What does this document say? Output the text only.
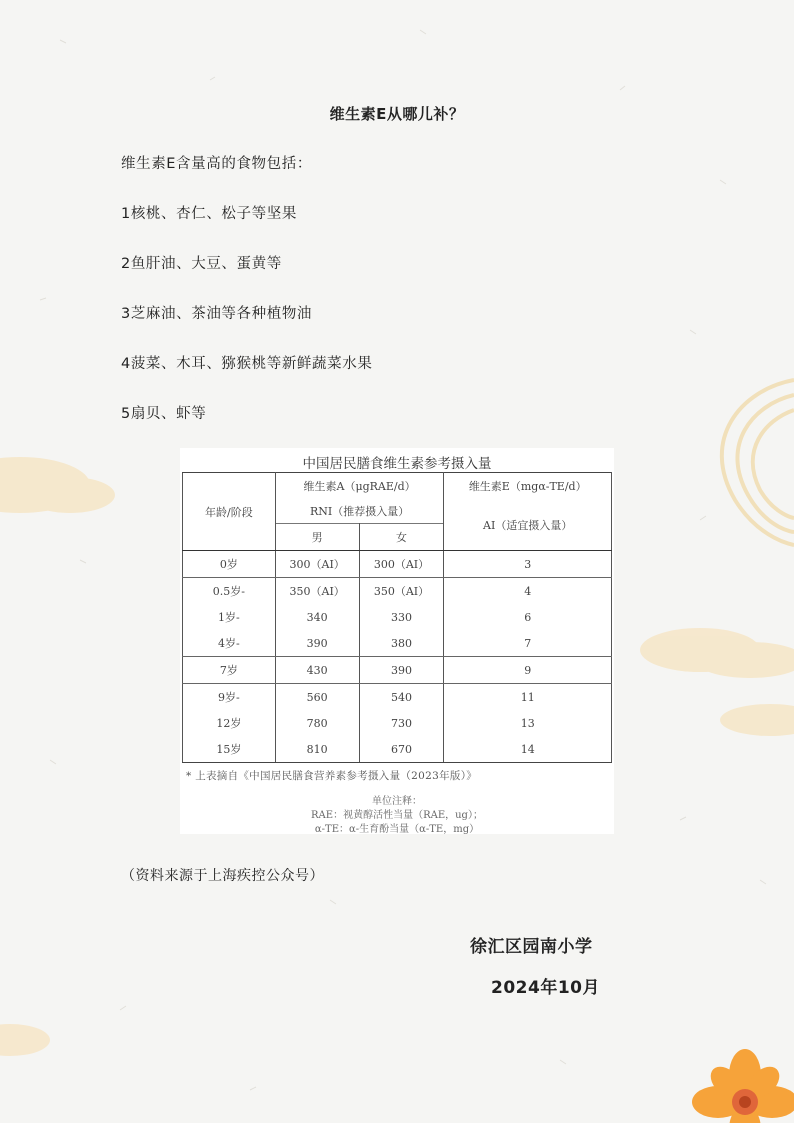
维生素E从哪儿补？
维生素E含量高的食物包括：
1核桃、杏仁、松子等坚果
2鱼肝油、大豆、蛋黄等
3芝麻油、茶油等各种植物油
4菠菜、木耳、猕猴桃等新鲜蔬菜水果
5扇贝、虾等
中国居民膳食维生素参考摄入量
年龄/阶段	维生素A（μgRAE/d）		维生素E（mgα-TE/d）
	RNI（推荐摄入量）		AI（适宜摄入量）
	男	女	
0岁	300（AI）	300（AI）	3
0.5岁-	350（AI）	350（AI）	4
1岁-	340	330	6
4岁-	390	380	7
7岁	430	390	9
9岁-	560	540	11
12岁	780	730	13
15岁	810	670	14
* 上表摘自《中国居民膳食营养素参考摄入量（2023年版）》
单位注释：
RAE：视黄醇活性当量（RAE，ug）；
α-TE：α-生育酚当量（α-TE，mg）
（资料来源于上海疾控公众号）
徐汇区园南小学
2024年10月
